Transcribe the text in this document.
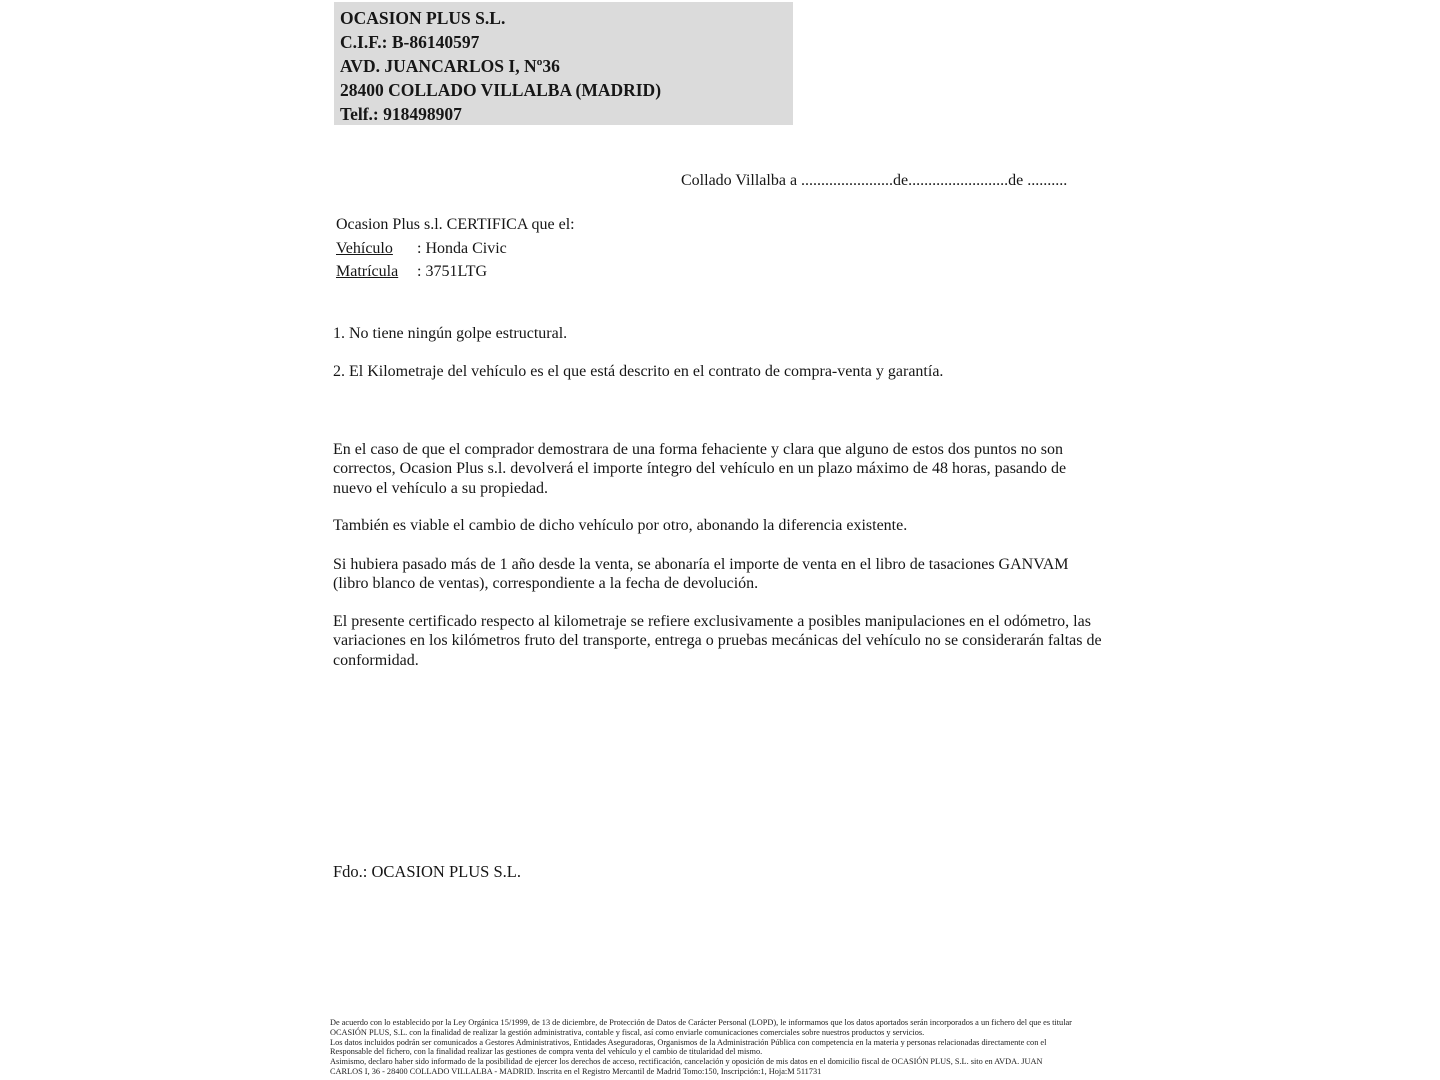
OCASION PLUS S.L.
C.I.F.: B-86140597
AVD. JUANCARLOS I, Nº36
28400 COLLADO VILLALBA (MADRID)
Telf.: 918498907
Collado Villalba a .......................de.........................de ..........
Ocasion Plus s.l. CERTIFICA que el:
Vehículo : Honda Civic
Matrícula : 3751LTG
1. No tiene ningún golpe estructural.
2. El Kilometraje del vehículo es el que está descrito en el contrato de compra-venta y garantía.
En el caso de que el comprador demostrara de una forma fehaciente y clara que alguno de estos dos puntos no son correctos, Ocasion Plus s.l. devolverá el importe íntegro del vehículo en un plazo máximo de 48 horas, pasando de nuevo el vehículo a su propiedad.
También es viable el cambio de dicho vehículo por otro, abonando la diferencia existente.
Si hubiera pasado más de 1 año desde la venta, se abonaría el importe de venta en el libro de tasaciones GANVAM (libro blanco de ventas), correspondiente a la fecha de devolución.
El presente certificado respecto al kilometraje se refiere exclusivamente a posibles manipulaciones en el odómetro, las variaciones en los kilómetros fruto del transporte, entrega o pruebas mecánicas del vehículo no se considerarán faltas de conformidad.
Fdo.: OCASION PLUS S.L.
De acuerdo con lo establecido por la Ley Orgánica 15/1999, de 13 de diciembre, de Protección de Datos de Carácter Personal (LOPD), le informamos que los datos aportados serán incorporados a un fichero del que es titular
OCASIÓN PLUS, S.L. con la finalidad de realizar la gestión administrativa, contable y fiscal, así como enviarle comunicaciones comerciales sobre nuestros productos y servicios.
Los datos incluidos podrán ser comunicados a Gestores Administrativos, Entidades Aseguradoras, Organismos de la Administración Pública con competencia en la materia y personas relacionadas directamente con el
Responsable del fichero, con la finalidad realizar las gestiones de compra venta del vehículo y el cambio de titularidad del mismo.
Asimismo, declaro haber sido informado de la posibilidad de ejercer los derechos de acceso, rectificación, cancelación y oposición de mis datos en el domicilio fiscal de OCASIÓN PLUS, S.L. sito en AVDA. JUAN
CARLOS I, 36 - 28400 COLLADO VILLALBA - MADRID. Inscrita en el Registro Mercantil de Madrid Tomo:150, Inscripción:1, Hoja:M 511731
